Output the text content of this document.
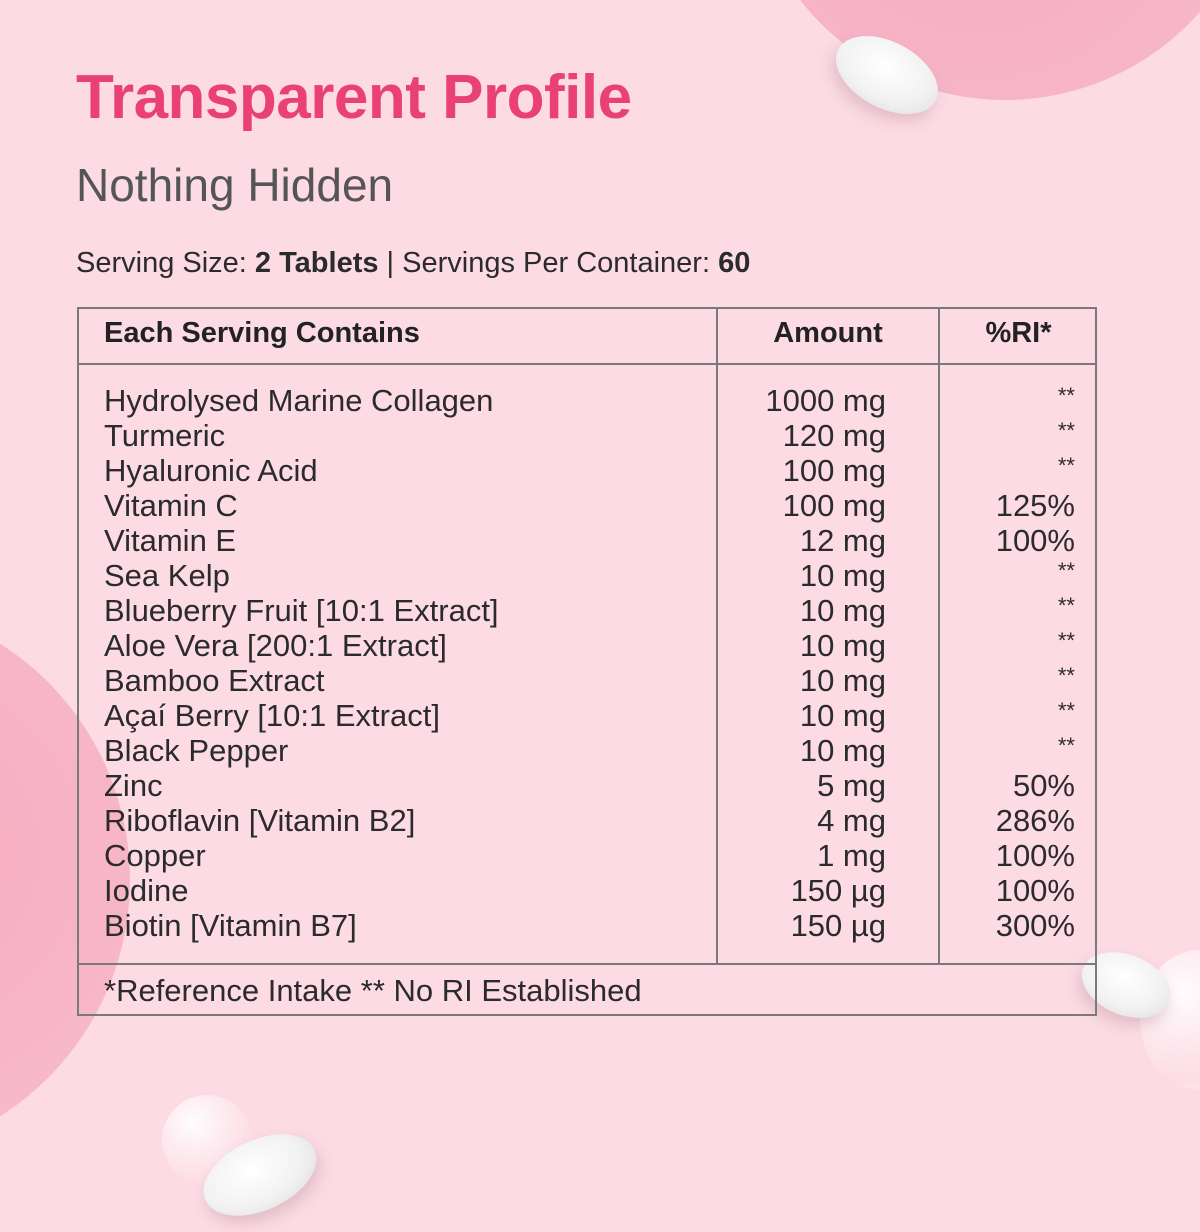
Transparent Profile
Nothing Hidden
Serving Size: 2 Tablets | Servings Per Container: 60
Each Serving Contains	Amount	%RI*
Hydrolysed Marine Collagen	1000 mg	**
Turmeric	120 mg	**
Hyaluronic Acid	100 mg	**
Vitamin C	100 mg	125%
Vitamin E	12 mg	100%
Sea Kelp	10 mg	**
Blueberry Fruit [10:1 Extract]	10 mg	**
Aloe Vera [200:1 Extract]	10 mg	**
Bamboo Extract	10 mg	**
Açaí Berry [10:1 Extract]	10 mg	**
Black Pepper	10 mg	**
Zinc	5 mg	50%
Riboflavin [Vitamin B2]	4 mg	286%
Copper	1 mg	100%
Iodine	150 µg	100%
Biotin [Vitamin B7]	150 µg	300%
*Reference Intake ** No RI Established
